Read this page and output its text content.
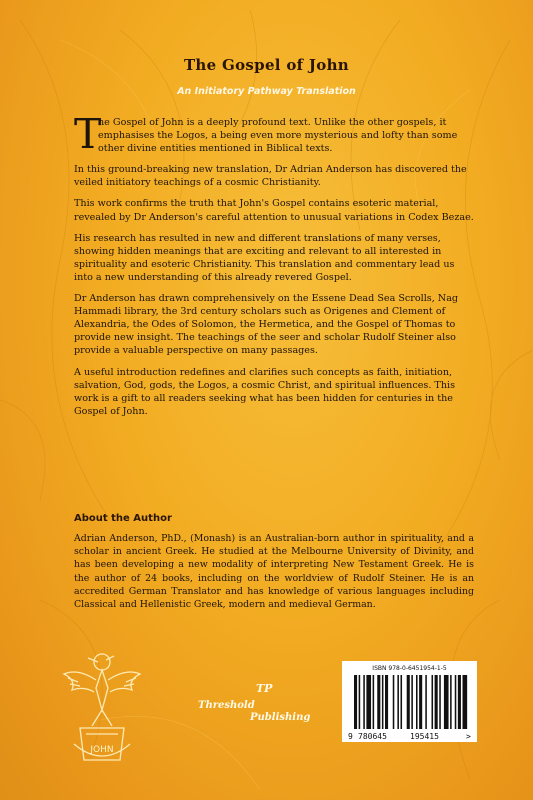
The Gospel of John
An Initiatory Pathway Translation

T
he Gospel of John is a deeply profound text. Unlike the other gospels, it emphasises the Logos, a being even more mysterious and lofty than some other divine entities mentioned in Biblical texts.

In this ground-breaking new translation, Dr Adrian Anderson has discovered the veiled initiatory teachings of a cosmic Christianity.

This work confirms the truth that John's Gospel contains esoteric material, revealed by Dr Anderson's careful attention to unusual variations in Codex Bezae.

His research has resulted in new and different translations of many verses, showing hidden meanings that are exciting and relevant to all interested in spirituality and esoteric Christianity. This translation and commentary lead us into a new understanding of this already revered Gospel.

Dr Anderson has drawn comprehensively on the Essene Dead Sea Scrolls, Nag Hammadi library, the 3rd century scholars such as Origenes and Clement of Alexandria, the Odes of Solomon, the Hermetica, and the Gospel of Thomas to provide new insight. The teachings of the seer and scholar Rudolf Steiner also provide a valuable perspective on many passages.

A useful introduction redefines and clarifies such concepts as faith, initiation, salvation, God, gods, the Logos, a cosmic Christ, and spiritual influences. This work is a gift to all readers seeking what has been hidden for centuries in the Gospel of John.

About the Author

Adrian Anderson, PhD., (Monash) is an Australian-born author in spirituality, and a scholar in ancient Greek. He studied at the Melbourne University of Divinity, and has been developing a new modality of interpreting New Testament Greek. He is the author of 24 books, including on the worldview of Rudolf Steiner. He is an accredited German Translator and has knowledge of various languages including Classical and Hellenistic Greek, modern and medieval German.

JOHN
TP
Threshold
Publishing
ISBN 978-0-6451954-1-5
9 780645	195415	>
